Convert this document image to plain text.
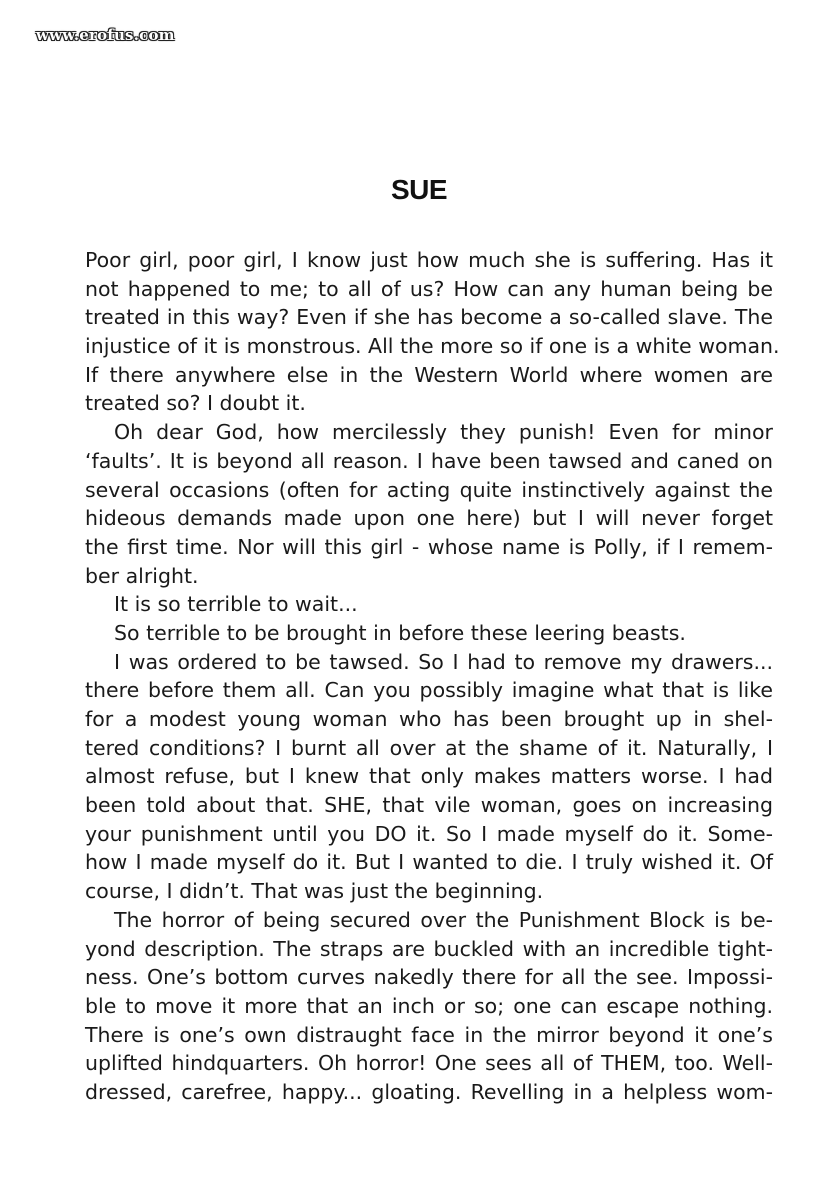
www.erofus.com
SUE
Poor girl, poor girl, I know just how much she is suffering. Has it
not happened to me; to all of us? How can any human being be
treated in this way? Even if she has become a so-called slave. The
injustice of it is monstrous. All the more so if one is a white woman.
If there anywhere else in the Western World where women are
treated so? I doubt it.
Oh dear God, how mercilessly they punish! Even for minor
‘faults’. It is beyond all reason. I have been tawsed and caned on
several occasions (often for acting quite instinctively against the
hideous demands made upon one here) but I will never forget
the first time. Nor will this girl - whose name is Polly, if I remem-
ber alright.
It is so terrible to wait...
So terrible to be brought in before these leering beasts.
I was ordered to be tawsed. So I had to remove my drawers...
there before them all. Can you possibly imagine what that is like
for a modest young woman who has been brought up in shel-
tered conditions? I burnt all over at the shame of it. Naturally, I
almost refuse, but I knew that only makes matters worse. I had
been told about that. SHE, that vile woman, goes on increasing
your punishment until you DO it. So I made myself do it. Some-
how I made myself do it. But I wanted to die. I truly wished it. Of
course, I didn’t. That was just the beginning.
The horror of being secured over the Punishment Block is be-
yond description. The straps are buckled with an incredible tight-
ness. One’s bottom curves nakedly there for all the see. Impossi-
ble to move it more that an inch or so; one can escape nothing.
There is one’s own distraught face in the mirror beyond it one’s
uplifted hindquarters. Oh horror! One sees all of THEM, too. Well-
dressed, carefree, happy... gloating. Revelling in a helpless wom-
